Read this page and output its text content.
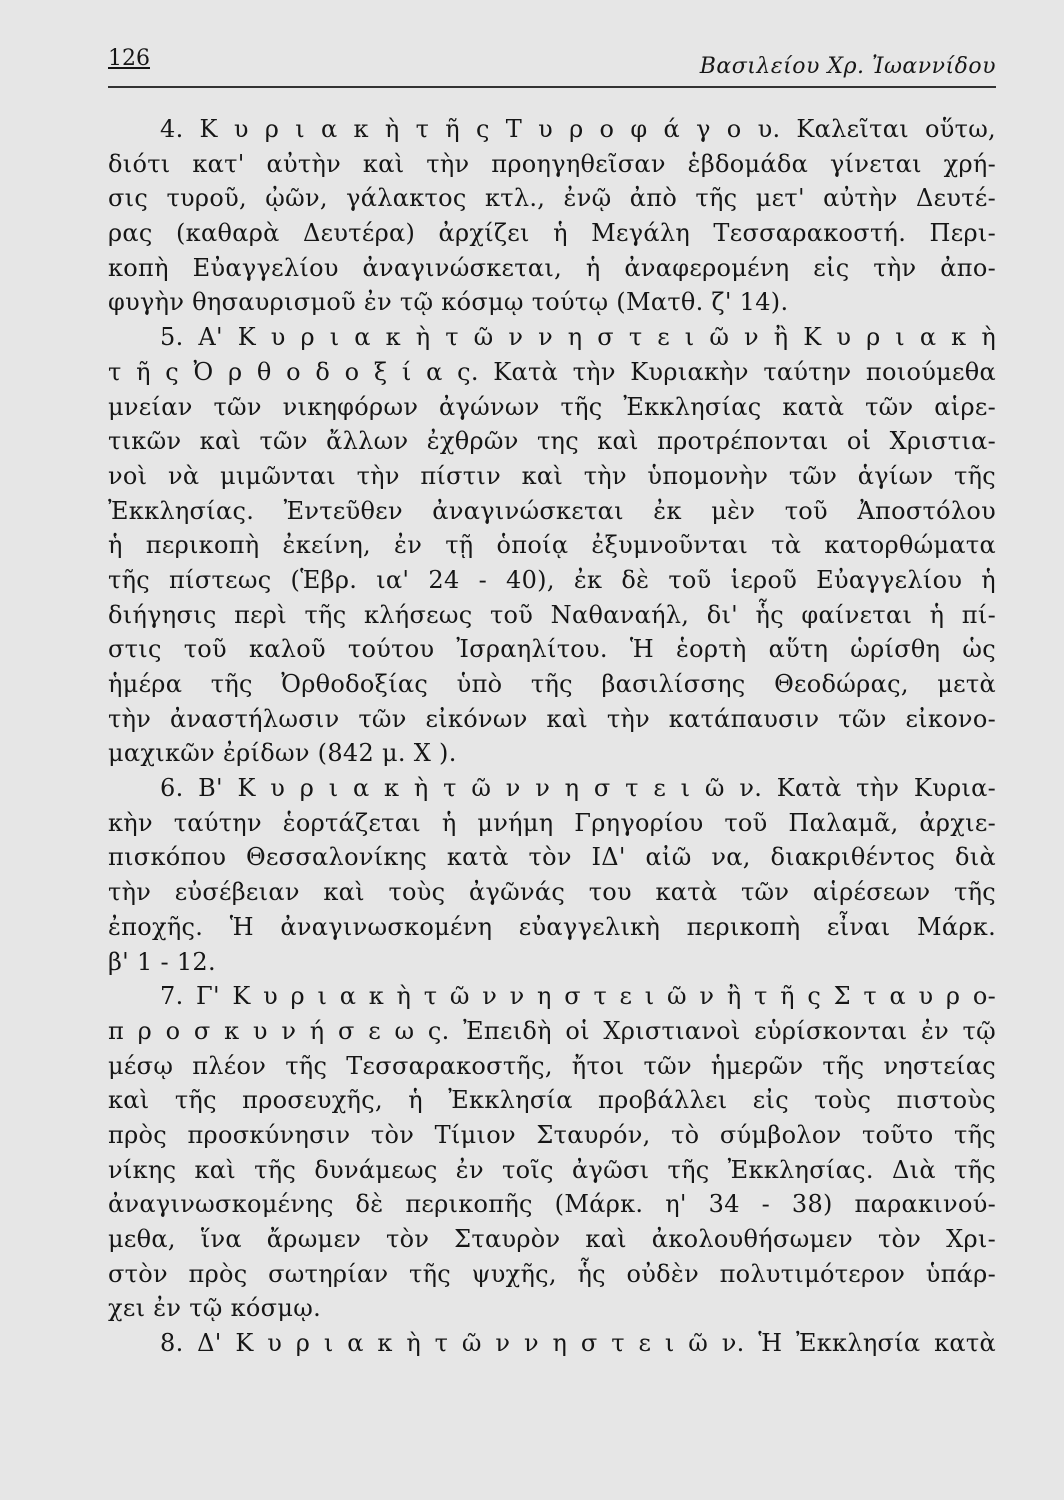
126	Βασιλείου Χρ. Ἰωαννίδου
4. Κ υ ρ ι α κ ὴ τ ῆ ς Τ υ ρ ο φ ά γ ο υ. Καλεῖται οὕτω,
διότι κατ' αὐτὴν καὶ τὴν προηγηθεῖσαν ἑβδομάδα γίνεται χρή-
σις τυροῦ, ᾠῶν, γάλακτος κτλ., ἐνῷ ἀπὸ τῆς μετ' αὐτὴν Δευτέ-
ρας (καθαρὰ Δευτέρα) ἀρχίζει ἡ Μεγάλη Τεσσαρακοστή. Περι-
κοπὴ Εὐαγγελίου ἀναγινώσκεται, ἡ ἀναφερομένη εἰς τὴν ἀπο-
φυγὴν θησαυρισμοῦ ἐν τῷ κόσμῳ τούτῳ (Ματθ. ζ' 14).
5. Α' Κ υ ρ ι α κ ὴ τ ῶ ν ν η σ τ ε ι ῶ ν ἢ Κ υ ρ ι α κ ὴ
τ ῆ ς Ὀ ρ θ ο δ ο ξ ί α ς. Κατὰ τὴν Κυριακὴν ταύτην ποιούμεθα
μνείαν τῶν νικηφόρων ἀγώνων τῆς Ἐκκλησίας κατὰ τῶν αἱρε-
τικῶν καὶ τῶν ἄλλων ἐχθρῶν της καὶ προτρέπονται οἱ Χριστια-
νοὶ νὰ μιμῶνται τὴν πίστιν καὶ τὴν ὑπομονὴν τῶν ἁγίων τῆς
Ἐκκλησίας. Ἐντεῦθεν ἀναγινώσκεται ἐκ μὲν τοῦ Ἀποστόλου
ἡ περικοπὴ ἐκείνη, ἐν τῇ ὁποίᾳ ἐξυμνοῦνται τὰ κατορθώματα
τῆς πίστεως (Ἑβρ. ια' 24 - 40), ἐκ δὲ τοῦ ἱεροῦ Εὐαγγελίου ἡ
διήγησις περὶ τῆς κλήσεως τοῦ Ναθαναήλ, δι' ἧς φαίνεται ἡ πί-
στις τοῦ καλοῦ τούτου Ἰσραηλίτου. Ἡ ἑορτὴ αὕτη ὡρίσθη ὡς
ἡμέρα τῆς Ὀρθοδοξίας ὑπὸ τῆς βασιλίσσης Θεοδώρας, μετὰ
τὴν ἀναστήλωσιν τῶν εἰκόνων καὶ τὴν κατάπαυσιν τῶν εἰκονο-
μαχικῶν ἐρίδων (842 μ. Χ ).
6. Β' Κ υ ρ ι α κ ὴ τ ῶ ν ν η σ τ ε ι ῶ ν. Κατὰ τὴν Κυρια-
κὴν ταύτην ἑορτάζεται ἡ μνήμη Γρηγορίου τοῦ Παλαμᾶ, ἀρχιε-
πισκόπου Θεσσαλονίκης κατὰ τὸν ΙΔ' αἰῶ να, διακριθέντος διὰ
τὴν εὐσέβειαν καὶ τοὺς ἀγῶνάς του κατὰ τῶν αἱρέσεων τῆς
ἐποχῆς. Ἡ ἀναγινωσκομένη εὐαγγελικὴ περικοπὴ εἶναι Μάρκ.
β' 1 - 12.
7. Γ' Κ υ ρ ι α κ ὴ τ ῶ ν ν η σ τ ε ι ῶ ν ἢ τ ῆ ς Σ τ α υ ρ ο-
π ρ ο σ κ υ ν ή σ ε ω ς. Ἐπειδὴ οἱ Χριστιανοὶ εὑρίσκονται ἐν τῷ
μέσῳ πλέον τῆς Τεσσαρακοστῆς, ἤτοι τῶν ἡμερῶν τῆς νηστείας
καὶ τῆς προσευχῆς, ἡ Ἐκκλησία προβάλλει εἰς τοὺς πιστοὺς
πρὸς προσκύνησιν τὸν Τίμιον Σταυρόν, τὸ σύμβολον τοῦτο τῆς
νίκης καὶ τῆς δυνάμεως ἐν τοῖς ἀγῶσι τῆς Ἐκκλησίας. Διὰ τῆς
ἀναγινωσκομένης δὲ περικοπῆς (Μάρκ. η' 34 - 38) παρακινού-
μεθα, ἵνα ἄρωμεν τὸν Σταυρὸν καὶ ἀκολουθήσωμεν τὸν Χρι-
στὸν πρὸς σωτηρίαν τῆς ψυχῆς, ἧς οὐδὲν πολυτιμότερον ὑπάρ-
χει ἐν τῷ κόσμῳ.
8. Δ' Κ υ ρ ι α κ ὴ τ ῶ ν ν η σ τ ε ι ῶ ν. Ἡ Ἐκκλησία κατὰ
